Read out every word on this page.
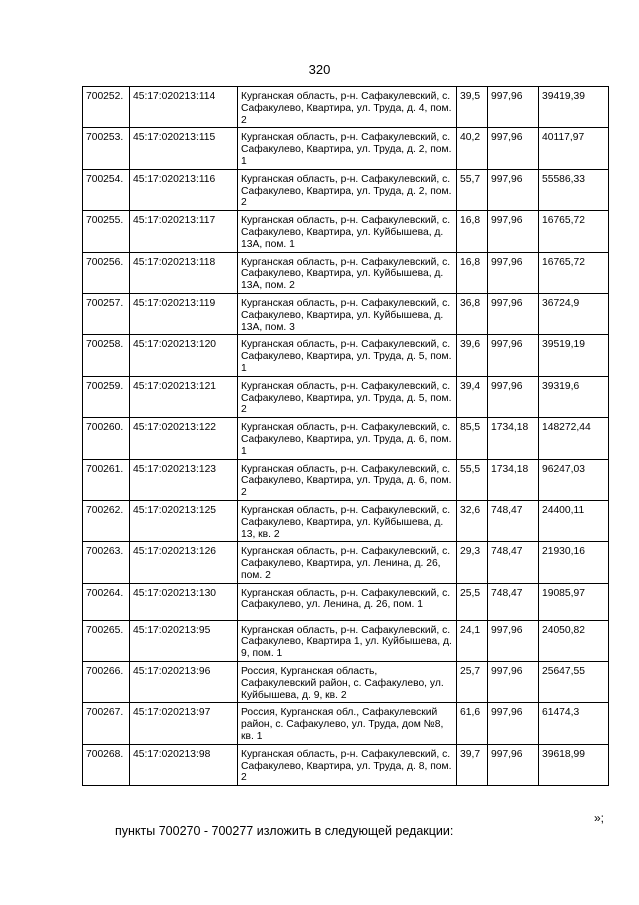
320
700252.	45:17:020213:114	Курганская область, р-н. Сафакулевский, с. Сафакулево, Квартира, ул. Труда, д. 4, пом. 2	39,5	997,96	39419,39
700253.	45:17:020213:115	Курганская область, р-н. Сафакулевский, с. Сафакулево, Квартира, ул. Труда, д. 2, пом. 1	40,2	997,96	40117,97
700254.	45:17:020213:116	Курганская область, р-н. Сафакулевский, с. Сафакулево, Квартира, ул. Труда, д. 2, пом. 2	55,7	997,96	55586,33
700255.	45:17:020213:117	Курганская область, р-н. Сафакулевский, с. Сафакулево, Квартира, ул. Куйбышева, д. 13А, пом. 1	16,8	997,96	16765,72
700256.	45:17:020213:118	Курганская область, р-н. Сафакулевский, с. Сафакулево, Квартира, ул. Куйбышева, д. 13А, пом. 2	16,8	997,96	16765,72
700257.	45:17:020213:119	Курганская область, р-н. Сафакулевский, с. Сафакулево, Квартира, ул. Куйбышева, д. 13А, пом. 3	36,8	997,96	36724,9
700258.	45:17:020213:120	Курганская область, р-н. Сафакулевский, с. Сафакулево, Квартира, ул. Труда, д. 5, пом. 1	39,6	997,96	39519,19
700259.	45:17:020213:121	Курганская область, р-н. Сафакулевский, с. Сафакулево, Квартира, ул. Труда, д. 5, пом. 2	39,4	997,96	39319,6
700260.	45:17:020213:122	Курганская область, р-н. Сафакулевский, с. Сафакулево, Квартира, ул. Труда, д. 6, пом. 1	85,5	1734,18	148272,44
700261.	45:17:020213:123	Курганская область, р-н. Сафакулевский, с. Сафакулево, Квартира, ул. Труда, д. 6, пом. 2	55,5	1734,18	96247,03
700262.	45:17:020213:125	Курганская область, р-н. Сафакулевский, с. Сафакулево, Квартира, ул. Куйбышева, д. 13, кв. 2	32,6	748,47	24400,11
700263.	45:17:020213:126	Курганская область, р-н. Сафакулевский, с. Сафакулево, Квартира, ул. Ленина, д. 26, пом. 2	29,3	748,47	21930,16
700264.	45:17:020213:130	Курганская область, р-н. Сафакулевский, с. Сафакулево, ул. Ленина, д. 26, пом. 1	25,5	748,47	19085,97
700265.	45:17:020213:95	Курганская область, р-н. Сафакулевский, с. Сафакулево, Квартира 1, ул. Куйбышева, д. 9, пом. 1	24,1	997,96	24050,82
700266.	45:17:020213:96	Россия, Курганская область, Сафакулевский район, с. Сафакулево, ул. Куйбышева, д. 9, кв. 2	25,7	997,96	25647,55
700267.	45:17:020213:97	Россия, Курганская обл., Сафакулевский район, с. Сафакулево, ул. Труда, дом №8, кв. 1	61,6	997,96	61474,3
700268.	45:17:020213:98	Курганская область, р-н. Сафакулевский, с. Сафакулево, Квартира, ул. Труда, д. 8, пом. 2	39,7	997,96	39618,99
»;
пункты 700270 - 700277 изложить в следующей редакции:
